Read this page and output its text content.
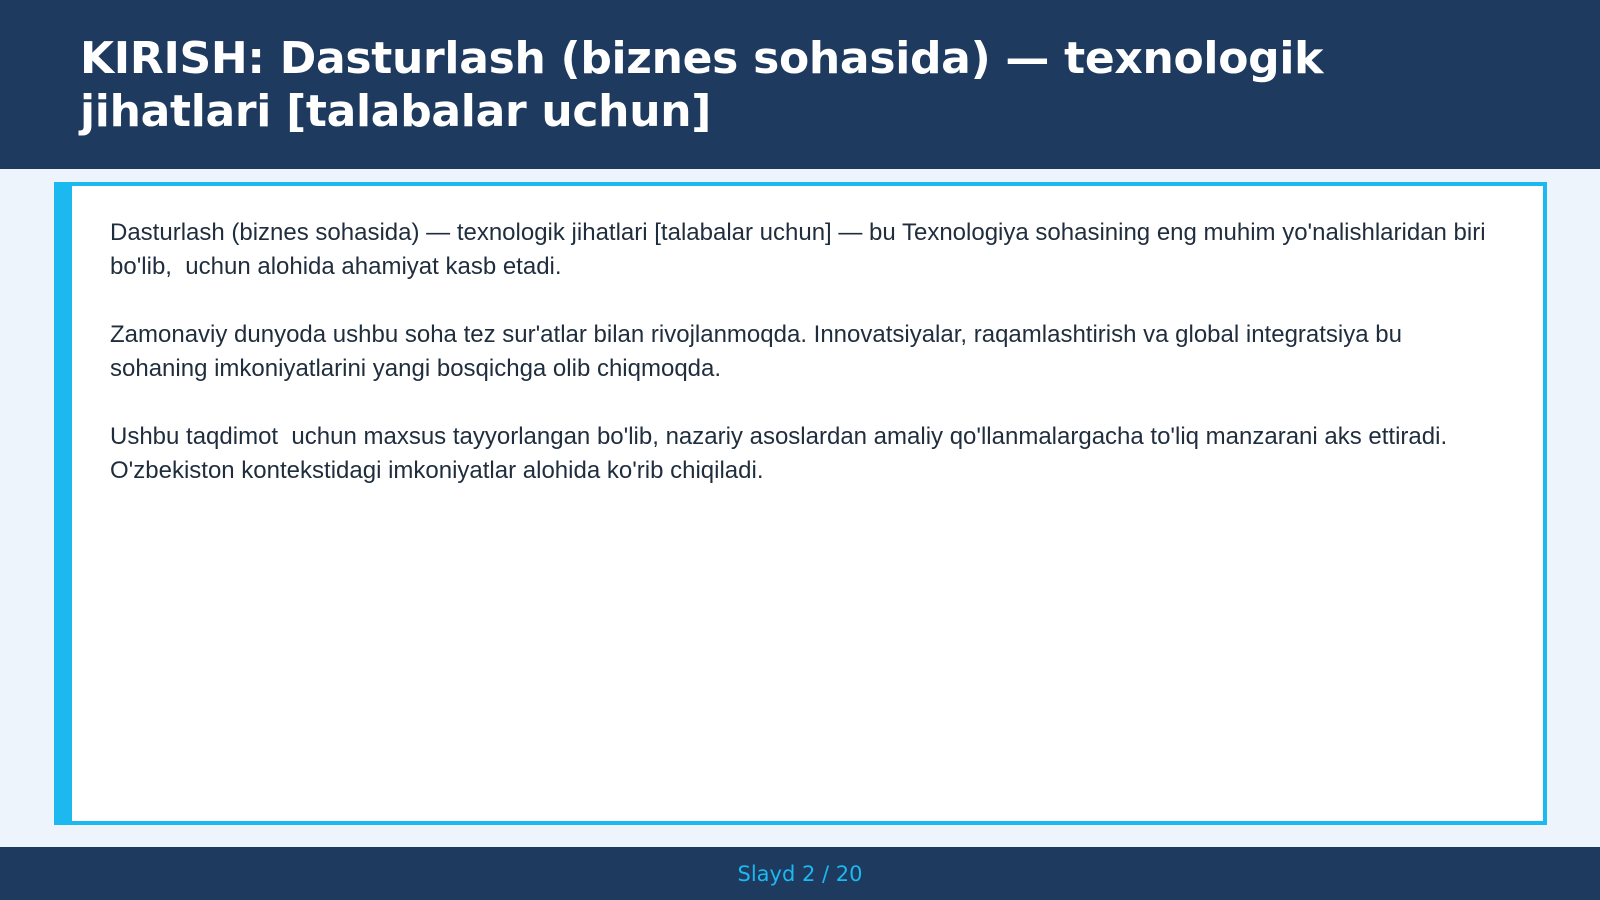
KIRISH: Dasturlash (biznes sohasida) — texnologik jihatlari [talabalar uchun]

Dasturlash (biznes sohasida) — texnologik jihatlari [talabalar uchun] — bu Texnologiya sohasining eng muhim yo'nalishlaridan biri bo'lib,  uchun alohida ahamiyat kasb etadi.

Zamonaviy dunyoda ushbu soha tez sur'atlar bilan rivojlanmoqda. Innovatsiyalar, raqamlashtirish va global integratsiya bu sohaning imkoniyatlarini yangi bosqichga olib chiqmoqda.

Ushbu taqdimot  uchun maxsus tayyorlangan bo'lib, nazariy asoslardan amaliy qo'llanmalargacha to'liq manzarani aks ettiradi. O'zbekiston kontekstidagi imkoniyatlar alohida ko'rib chiqiladi.

Slayd 2 / 20
